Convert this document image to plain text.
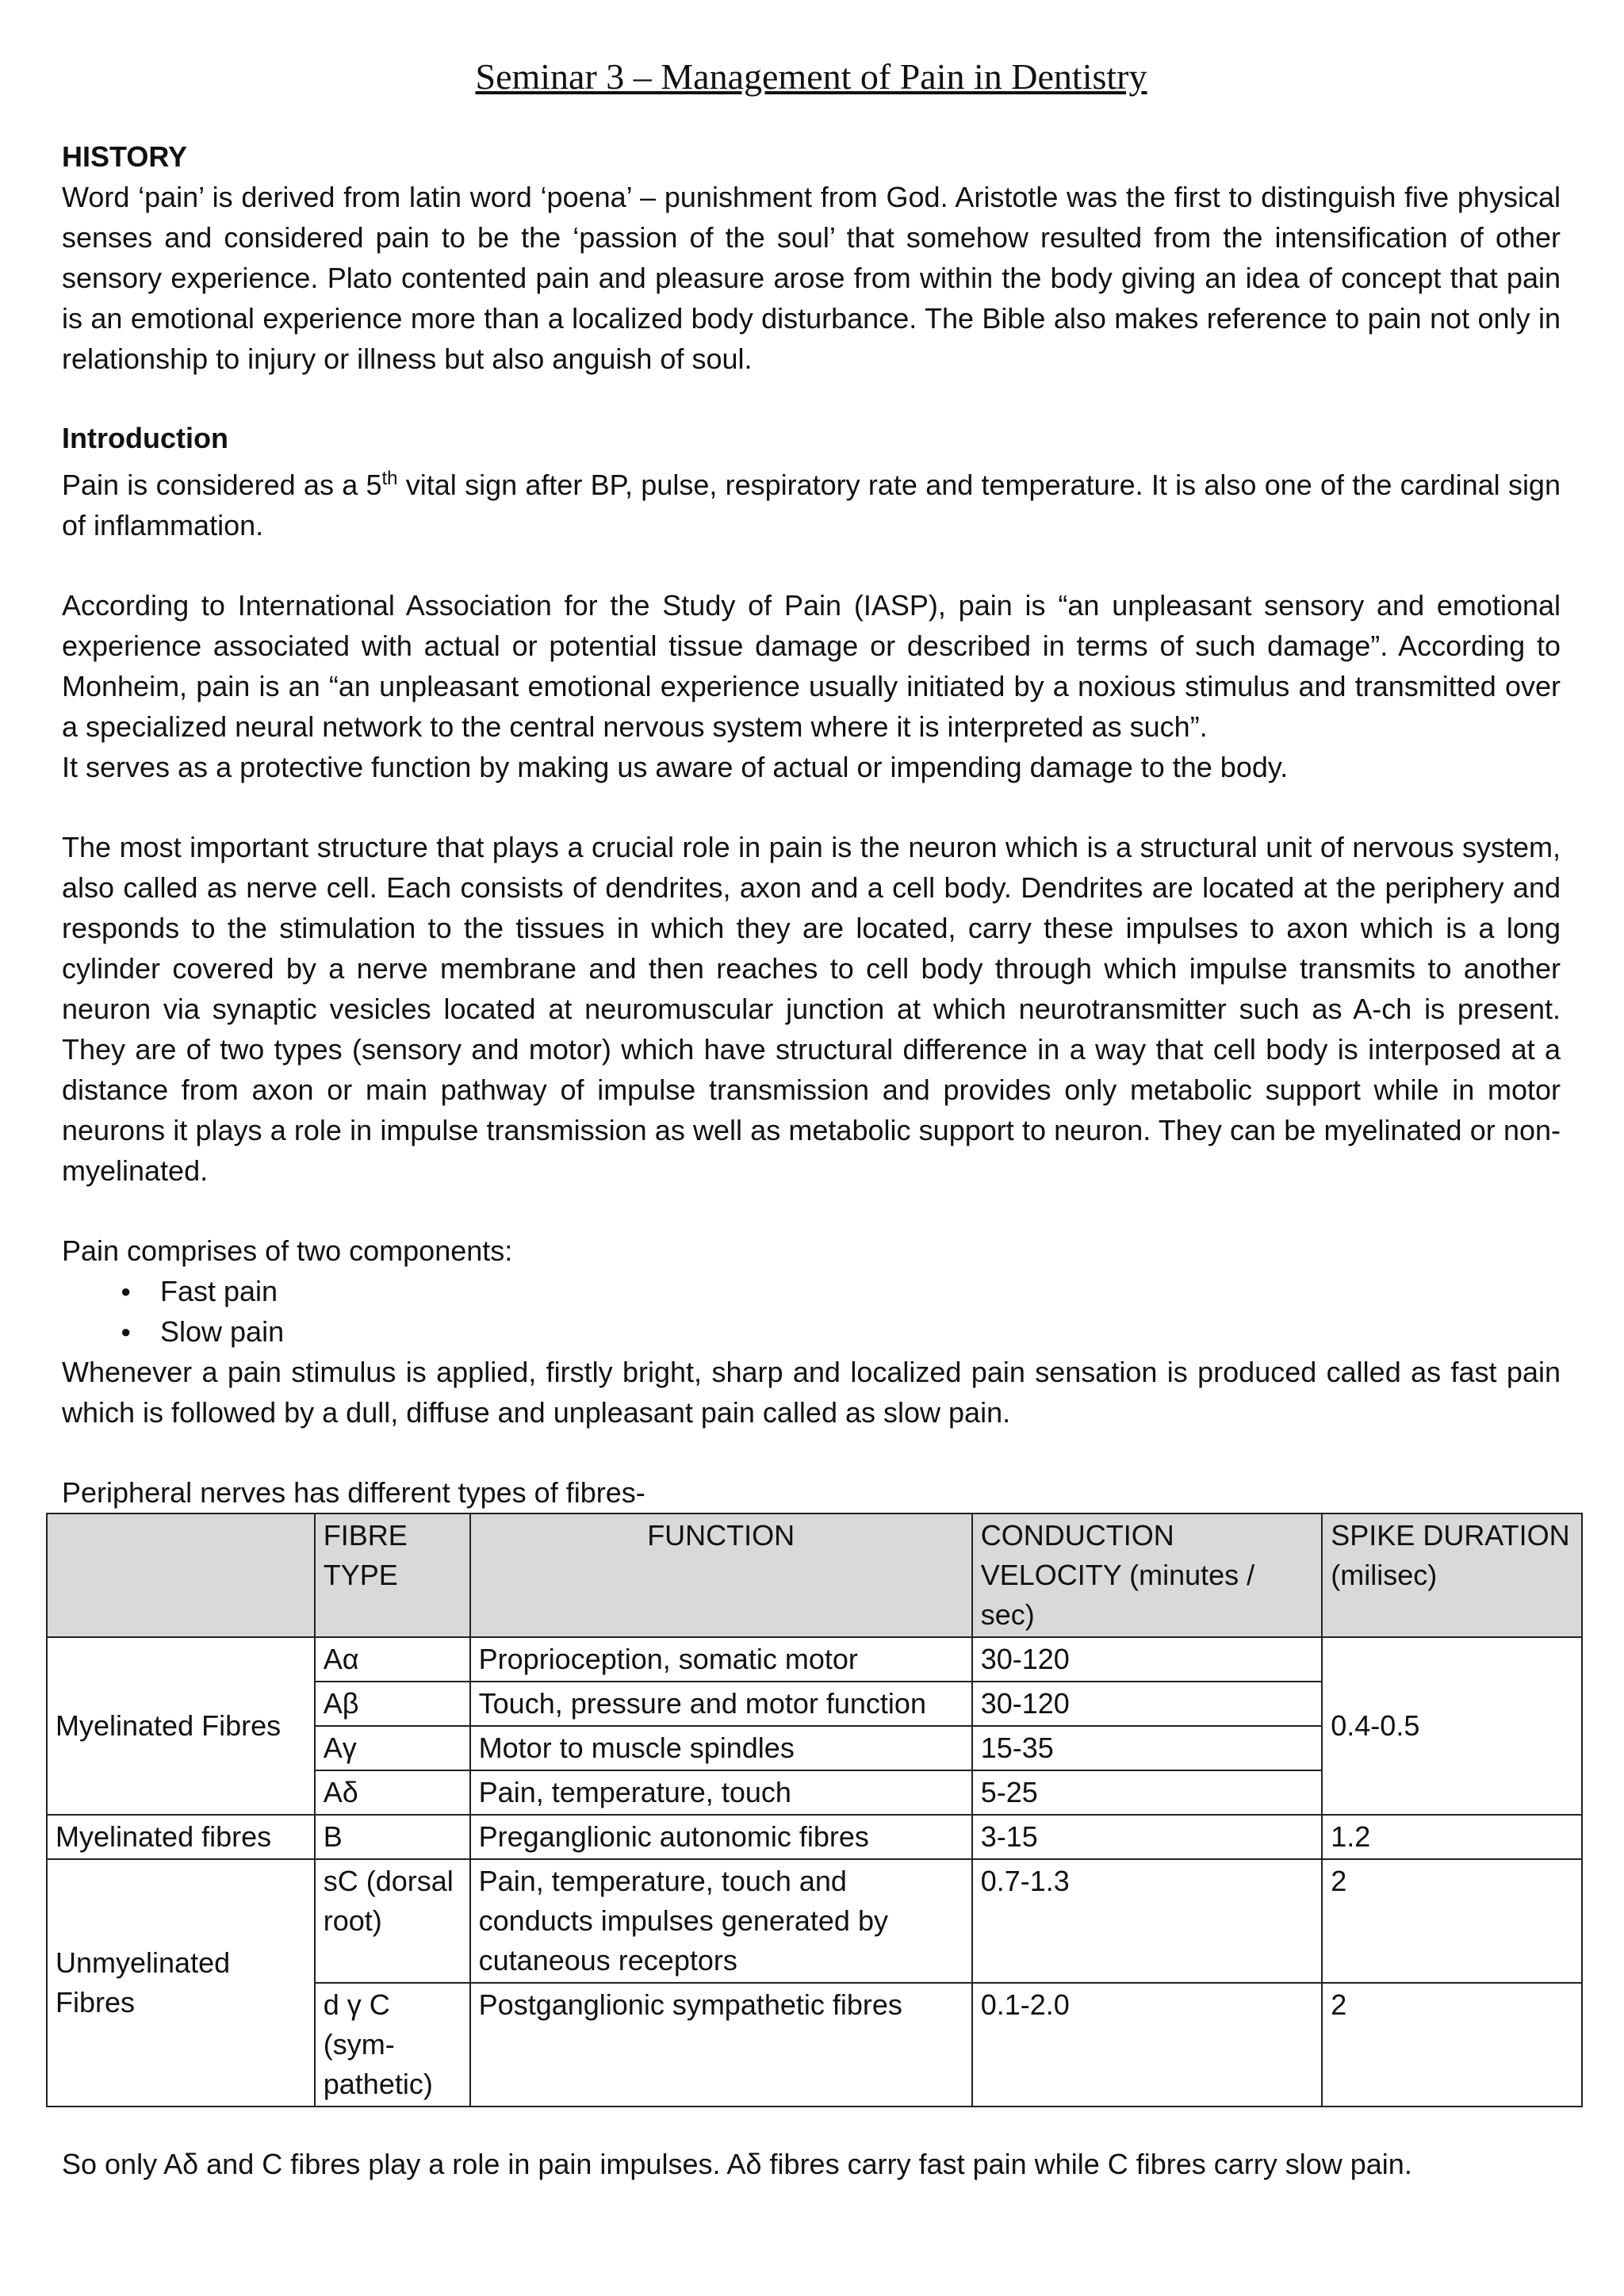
Seminar 3 – Management of Pain in Dentistry
HISTORY

Word ‘pain’ is derived from latin word ‘poena’ – punishment from God. Aristotle was the first to distinguish five physical senses and considered pain to be the ‘passion of the soul’ that somehow resulted from the intensification of other sensory experience. Plato contented pain and pleasure arose from within the body giving an idea of concept that pain is an emotional experience more than a localized body disturbance. The Bible also makes reference to pain not only in relationship to injury or illness but also anguish of soul.

Introduction

Pain is considered as a 5th vital sign after BP, pulse, respiratory rate and temperature. It is also one of the cardinal sign of inflammation.

According to International Association for the Study of Pain (IASP), pain is “an unpleasant sensory and emotional experience associated with actual or potential tissue damage or described in terms of such damage”. According to Monheim, pain is an “an unpleasant emotional experience usually initiated by a noxious stimulus and transmitted over a specialized neural network to the central nervous system where it is interpreted as such”.

It serves as a protective function by making us aware of actual or impending damage to the body.

The most important structure that plays a crucial role in pain is the neuron which is a structural unit of nervous system, also called as nerve cell. Each consists of dendrites, axon and a cell body. Dendrites are located at the periphery and responds to the stimulation to the tissues in which they are located, carry these impulses to axon which is a long cylinder covered by a nerve membrane and then reaches to cell body through which impulse transmits to another neuron via synaptic vesicles located at neuromuscular junction at which neurotransmitter such as A-ch is present. They are of two types (sensory and motor) which have structural difference in a way that cell body is interposed at a distance from axon or main pathway of impulse transmission and provides only metabolic support while in motor neurons it plays a role in impulse transmission as well as metabolic support to neuron. They can be myelinated or non-myelinated.

Pain comprises of two components:

● Fast pain
● Slow pain

Whenever a pain stimulus is applied, firstly bright, sharp and localized pain sensation is produced called as fast pain which is followed by a dull, diffuse and unpleasant pain called as slow pain.

Peripheral nerves has different types of fibres-

	FIBRE TYPE	FUNCTION	CONDUCTION VELOCITY (minutes / sec)	SPIKE DURATION (milisec)
Myelinated Fibres	Aα	Proprioception, somatic motor	30-120	0.4-0.5
	Aβ	Touch, pressure and motor function	30-120	
	Aγ	Motor to muscle spindles	15-35	
	Aδ	Pain, temperature, touch	5-25	
Myelinated fibres	B	Preganglionic autonomic fibres	3-15	1.2
Unmyelinated Fibres	sC (dorsal root)	Pain, temperature, touch and conducts impulses generated by cutaneous receptors	0.7-1.3	2
	d γ C (sym-pathetic)	Postganglionic sympathetic fibres	0.1-2.0	2

So only Aδ and C fibres play a role in pain impulses. Aδ fibres carry fast pain while C fibres carry slow pain.
